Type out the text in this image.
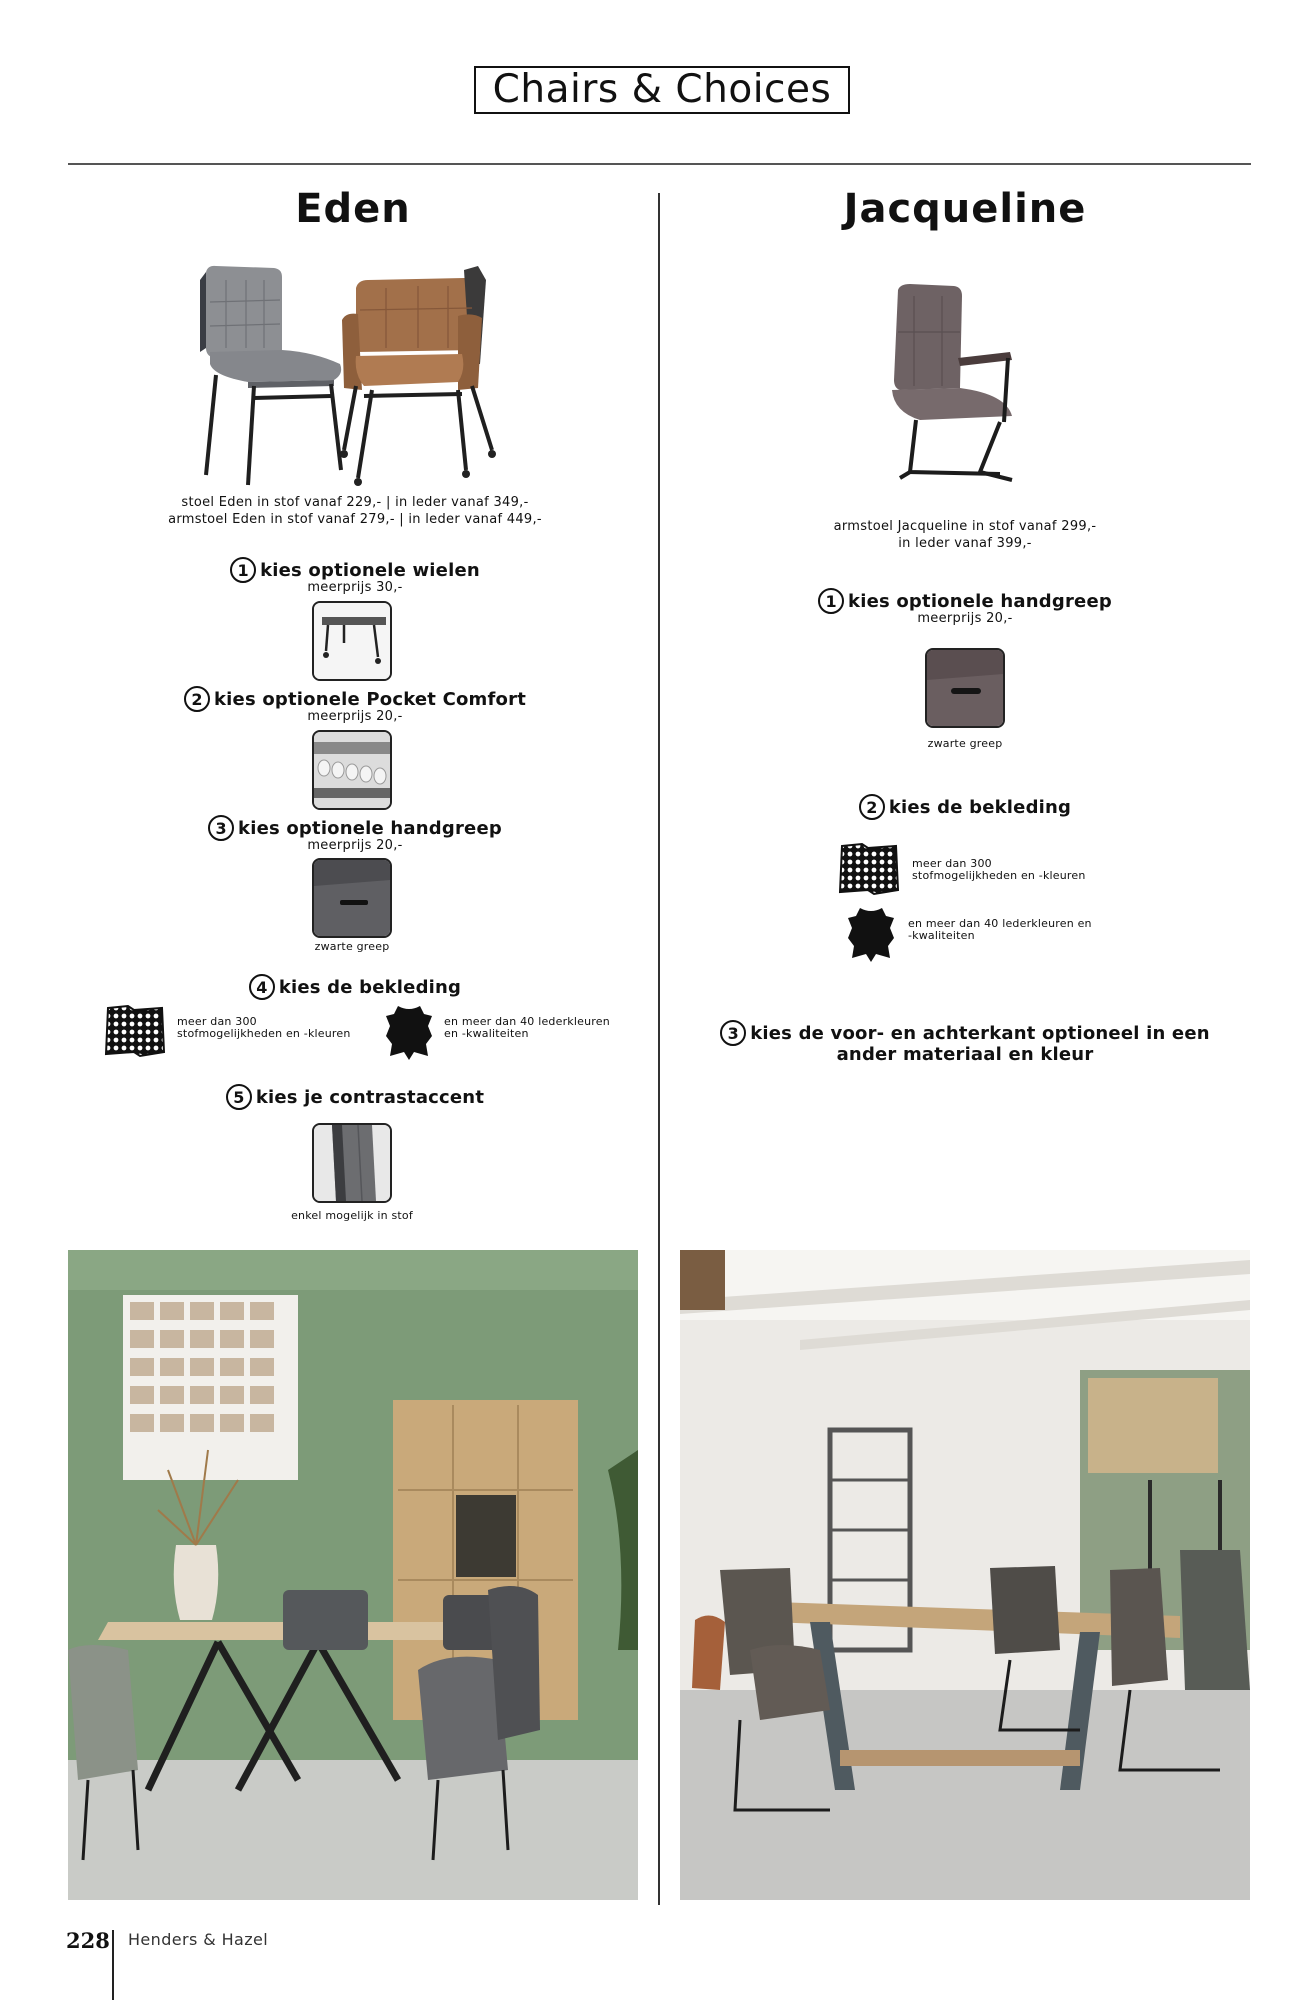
Chairs & Choices
Eden
stoel Eden in stof vanaf 229,- | in leder vanaf 349,-
armstoel Eden in stof vanaf 279,- | in leder vanaf 449,-
1 kies optionele wielen
meerprijs 30,-
2 kies optionele Pocket Comfort
meerprijs 20,-
3 kies optionele handgreep
meerprijs 20,-
zwarte greep
4 kies de bekleding
meer dan 300
stofmogelijkheden en -kleuren
en meer dan 40 lederkleuren
en -kwaliteiten
5 kies je contrastaccent
enkel mogelijk in stof
Jacqueline
armstoel Jacqueline in stof vanaf 299,-
in leder vanaf 399,-
1 kies optionele handgreep
meerprijs 20,-
zwarte greep
2 kies de bekleding
meer dan 300
stofmogelijkheden en -kleuren
en meer dan 40 lederkleuren en
-kwaliteiten
3 kies de voor- en achterkant optioneel in een
ander materiaal en kleur
228 Henders & Hazel
